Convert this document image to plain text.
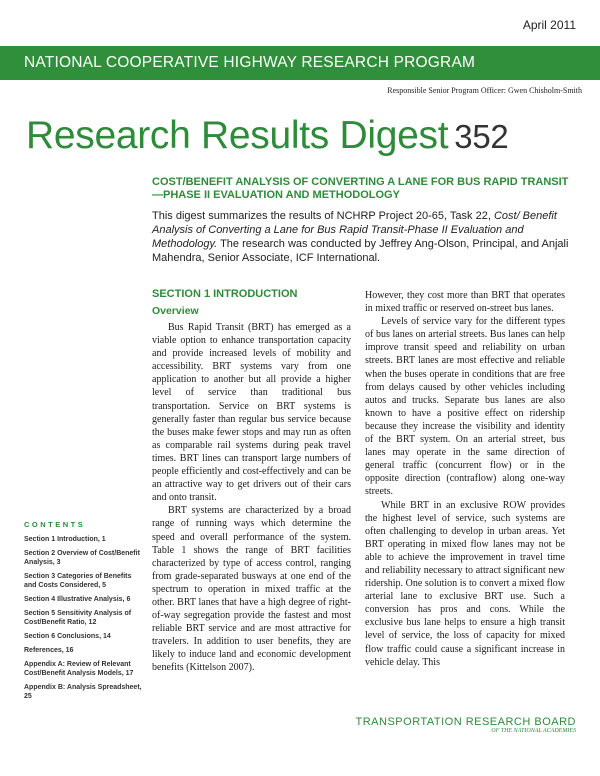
April 2011
NATIONAL COOPERATIVE HIGHWAY RESEARCH PROGRAM
Responsible Senior Program Officer: Gwen Chisholm-Smith
Research Results Digest 352
COST/BENEFIT ANALYSIS OF CONVERTING A LANE FOR BUS RAPID TRANSIT—PHASE II EVALUATION AND METHODOLOGY
This digest summarizes the results of NCHRP Project 20-65, Task 22, Cost/ Benefit Analysis of Converting a Lane for Bus Rapid Transit-Phase II Evaluation and Methodology. The research was conducted by Jeffrey Ang-Olson, Principal, and Anjali Mahendra, Senior Associate, ICF International.
SECTION 1 INTRODUCTION
Overview

Bus Rapid Transit (BRT) has emerged as a viable option to enhance transportation capacity and provide increased levels of mobility and accessibility. BRT systems vary from one application to another but all provide a higher level of service than traditional bus transportation. Service on BRT systems is generally faster than regular bus service because the buses make fewer stops and may run as often as comparable rail systems during peak travel times. BRT lines can transport large numbers of people efficiently and cost-effectively and can be an attractive way to get drivers out of their cars and onto transit.

BRT systems are characterized by a broad range of running ways which determine the speed and overall performance of the system. Table 1 shows the range of BRT facilities characterized by type of access control, ranging from grade-separated busways at one end of the spectrum to operation in mixed traffic at the other. BRT lanes that have a high degree of right-of-way segregation provide the fastest and most reliable BRT service and are most attractive for travelers. In addition to user benefits, they are likely to induce land and economic development benefits (Kittelson 2007).

However, they cost more than BRT that operates in mixed traffic or reserved on-street bus lanes.

Levels of service vary for the different types of bus lanes on arterial streets. Bus lanes can help improve transit speed and reliability on urban streets. BRT lanes are most effective and reliable when the buses operate in conditions that are free from delays caused by other vehicles including autos and trucks. Separate bus lanes are also known to have a positive effect on ridership because they increase the visibility and identity of the BRT system. On an arterial street, bus lanes may operate in the same direction of general traffic (concurrent flow) or in the opposite direction (contraflow) along one-way streets.

While BRT in an exclusive ROW provides the highest level of service, such systems are often challenging to develop in urban areas. Yet BRT operating in mixed flow lanes may not be able to achieve the improvement in travel time and reliability necessary to attract significant new ridership. One solution is to convert a mixed flow arterial lane to exclusive BRT use. Such a conversion has pros and cons. While the exclusive bus lane helps to ensure a high transit level of service, the loss of capacity for mixed flow traffic could cause a significant increase in vehicle delay. This

CONTENTS
Section 1 Introduction, 1
Section 2 Overview of Cost/Benefit Analysis, 3
Section 3 Categories of Benefits and Costs Considered, 5
Section 4 Illustrative Analysis, 6
Section 5 Sensitivity Analysis of Cost/Benefit Ratio, 12
Section 6 Conclusions, 14
References, 16
Appendix A: Review of Relevant Cost/Benefit Analysis Models, 17
Appendix B: Analysis Spreadsheet, 25
TRANSPORTATION RESEARCH BOARD
OF THE NATIONAL ACADEMIES
